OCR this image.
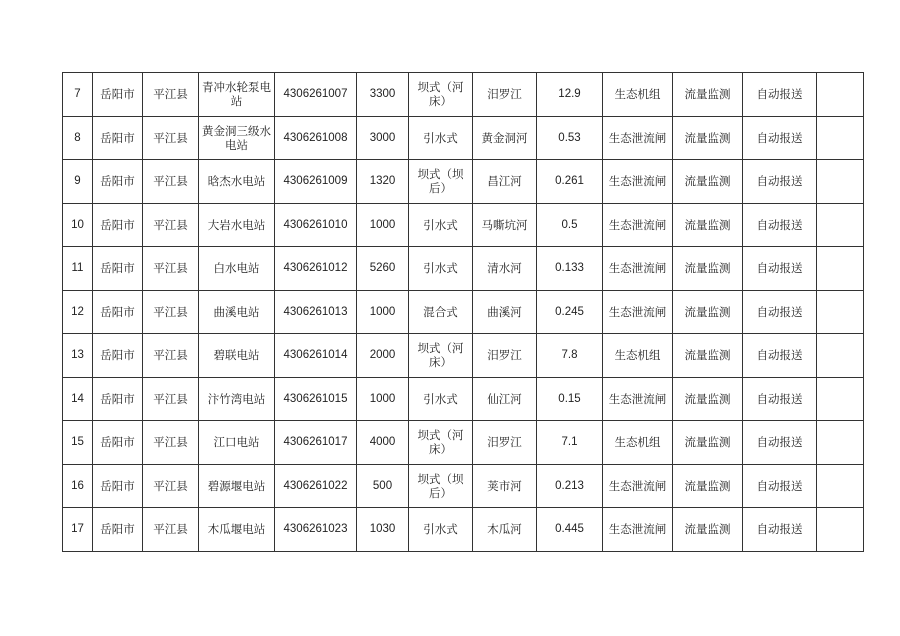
7	岳阳市	平江县	青冲水轮泵电站	4306261007	3300	坝式（河床）	汨罗江	12.9	生态机组	流量监测	自动报送	
8	岳阳市	平江县	黄金洞三级水电站	4306261008	3000	引水式	黄金洞河	0.53	生态泄流闸	流量监测	自动报送	
9	岳阳市	平江县	晗杰水电站	4306261009	1320	坝式（坝后）	昌江河	0.261	生态泄流闸	流量监测	自动报送	
10	岳阳市	平江县	大岩水电站	4306261010	1000	引水式	马嘶坑河	0.5	生态泄流闸	流量监测	自动报送	
11	岳阳市	平江县	白水电站	4306261012	5260	引水式	清水河	0.133	生态泄流闸	流量监测	自动报送	
12	岳阳市	平江县	曲溪电站	4306261013	1000	混合式	曲溪河	0.245	生态泄流闸	流量监测	自动报送	
13	岳阳市	平江县	碧联电站	4306261014	2000	坝式（河床）	汨罗江	7.8	生态机组	流量监测	自动报送	
14	岳阳市	平江县	汴竹湾电站	4306261015	1000	引水式	仙江河	0.15	生态泄流闸	流量监测	自动报送	
15	岳阳市	平江县	江口电站	4306261017	4000	坝式（河床）	汨罗江	7.1	生态机组	流量监测	自动报送	
16	岳阳市	平江县	碧源堰电站	4306261022	500	坝式（坝后）	荚市河	0.213	生态泄流闸	流量监测	自动报送	
17	岳阳市	平江县	木瓜堰电站	4306261023	1030	引水式	木瓜河	0.445	生态泄流闸	流量监测	自动报送	
